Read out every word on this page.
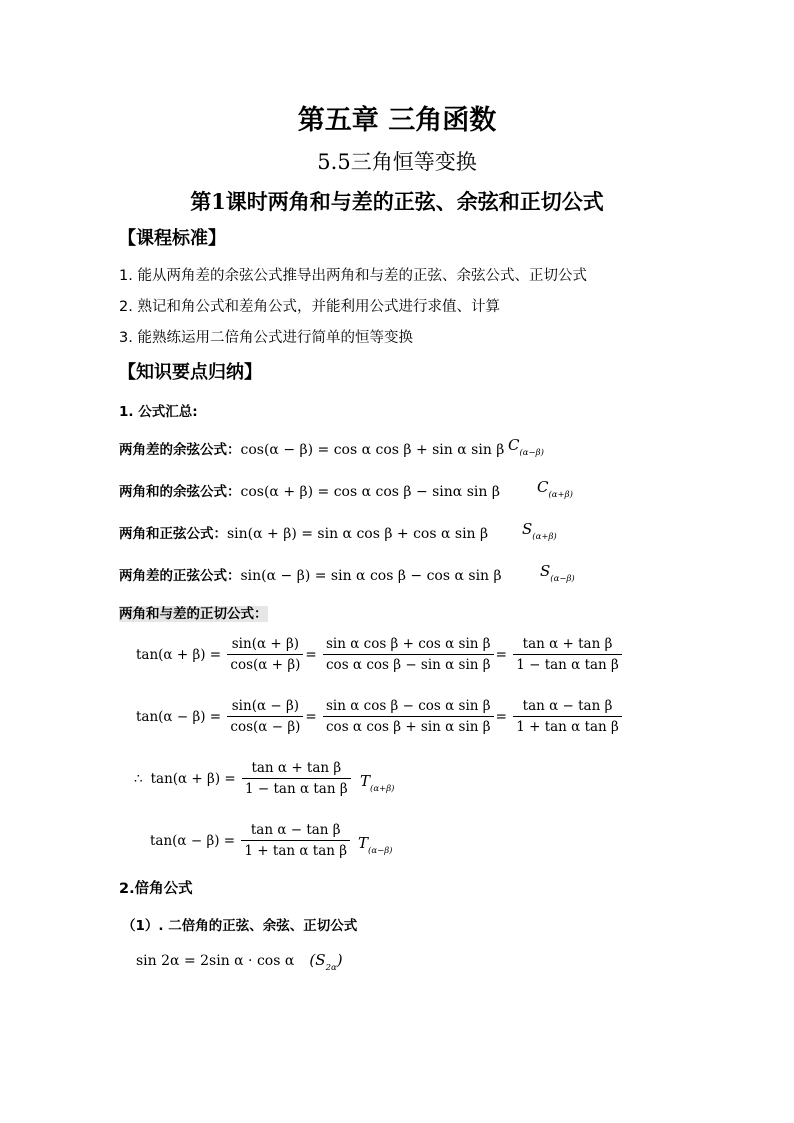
第五章 三角函数
5.5三角恒等变换
第1课时两角和与差的正弦、余弦和正切公式
【课程标准】
1. 能从两角差的余弦公式推导出两角和与差的正弦、余弦公式、正切公式
2. 熟记和角公式和差角公式，并能利用公式进行求值、计算
3. 能熟练运用二倍角公式进行简单的恒等变换
【知识要点归纳】
1. 公式汇总:
两角差的余弦公式：cos(α − β) = cos α cos β + sin α sin β $C_{(\alpha-\beta)}$
两角和的余弦公式：cos(α + β) = cos α cos β − sinα sin β $C_{(\alpha+\beta)}$
两角和正弦公式：sin(α + β) = sin α cos β + cos α sin β $S_{(\alpha+\beta)}$
两角差的正弦公式：sin(α − β) = sin α cos β − cos α sin β	$S_{(\alpha-\beta)}$
两角和与差的正切公式：
$\tan(\alpha + \beta) = \frac{\sin(\alpha + \beta)}{\cos(\alpha + \beta)} = \frac{\text{sin α cos β + cos α sin β}}{\text{cos α cos β − sin α sin β}} = \frac{\text{tan α + tan β}}{\text{1 − tan α tan β}}$
$\tan(\alpha - \beta) = \frac{\sin(\alpha - \beta)}{\cos(\alpha - \beta)} = \frac{\text{sin α cos β − cos α sin β}}{\text{cos α cos β + sin α sin β}} = \frac{\text{tan α − tan β}}{\text{1 + tan α tan β}}$
∴ $\tan(\alpha + \beta) = \frac{\text{tan α + tan β}}{\text{1 − tan α tan β}} T_{(\alpha+\beta)}$
$\tan(\alpha - \beta) = \frac{\text{tan α − tan β}}{\text{1 + tan α tan β}} T_{(\alpha-\beta)}$
2.倍角公式
（1）. 二倍角的正弦、余弦、正切公式
sin 2α = 2sin α · cos α $(S_{2\alpha})$
